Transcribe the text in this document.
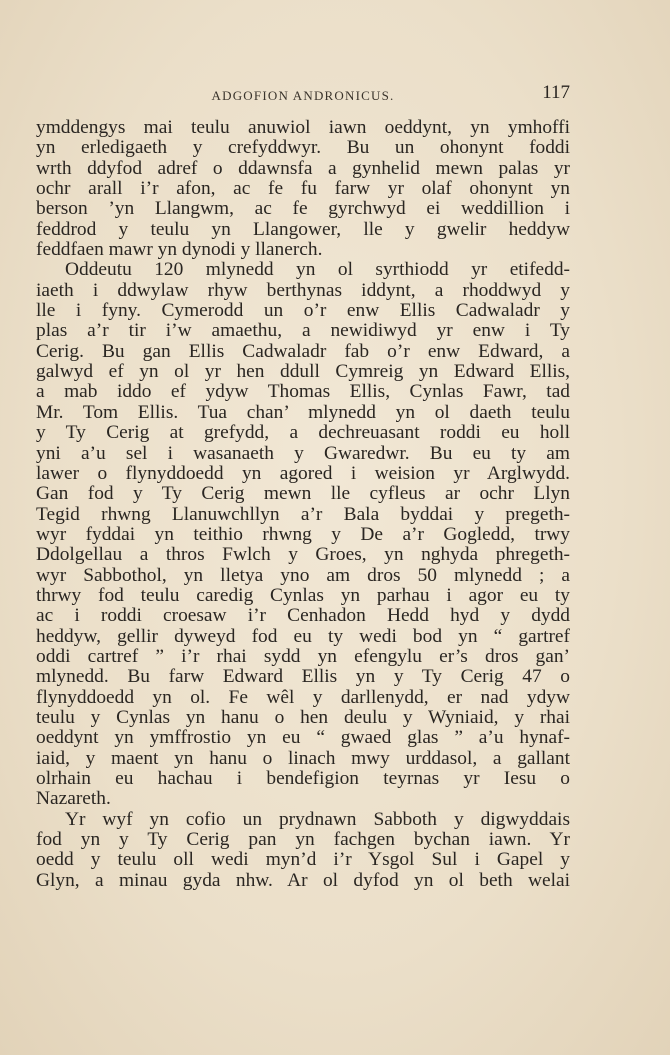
ADGOFION ANDRONICUS.	117
ymddengys mai teulu anuwiol iawn oeddynt, yn ymhoffi
yn erledigaeth y crefyddwyr. Bu un ohonynt foddi
wrth ddyfod adref o ddawnsfa a gynhelid mewn palas yr
ochr arall i’r afon, ac fe fu farw yr olaf ohonynt yn
berson ’yn Llangwm, ac fe gyrchwyd ei weddillion i
feddrod y teulu yn Llangower, lle y gwelir heddyw
feddfaen mawr yn dynodi y llanerch.
Oddeutu 120 mlynedd yn ol syrthiodd yr etifedd-
iaeth i ddwylaw rhyw berthynas iddynt, a rhoddwyd y
lle i fyny. Cymerodd un o’r enw Ellis Cadwaladr y
plas a’r tir i’w amaethu, a newidiwyd yr enw i Ty
Cerig. Bu gan Ellis Cadwaladr fab o’r enw Edward, a
galwyd ef yn ol yr hen ddull Cymreig yn Edward Ellis,
a mab iddo ef ydyw Thomas Ellis, Cynlas Fawr, tad
Mr. Tom Ellis. Tua chan’ mlynedd yn ol daeth teulu
y Ty Cerig at grefydd, a dechreuasant roddi eu holl
yni a’u sel i wasanaeth y Gwaredwr. Bu eu ty am
lawer o flynyddoedd yn agored i weision yr Arglwydd.
Gan fod y Ty Cerig mewn lle cyfleus ar ochr Llyn
Tegid rhwng Llanuwchllyn a’r Bala byddai y pregeth-
wyr fyddai yn teithio rhwng y De a’r Gogledd, trwy
Ddolgellau a thros Fwlch y Groes, yn nghyda phregeth-
wyr Sabbothol, yn lletya yno am dros 50 mlynedd ; a
thrwy fod teulu caredig Cynlas yn parhau i agor eu ty
ac i roddi croesaw i’r Cenhadon Hedd hyd y dydd
heddyw, gellir dyweyd fod eu ty wedi bod yn “ gartref
oddi cartref ” i’r rhai sydd yn efengylu er’s dros gan’
mlynedd. Bu farw Edward Ellis yn y Ty Cerig 47 o
flynyddoedd yn ol. Fe wêl y darllenydd, er nad ydyw
teulu y Cynlas yn hanu o hen deulu y Wyniaid, y rhai
oeddynt yn ymffrostio yn eu “ gwaed glas ” a’u hynaf-
iaid, y maent yn hanu o linach mwy urddasol, a gallant
olrhain eu hachau i bendefigion teyrnas yr Iesu o
Nazareth.
Yr wyf yn cofio un prydnawn Sabboth y digwyddais
fod yn y Ty Cerig pan yn fachgen bychan iawn. Yr
oedd y teulu oll wedi myn’d i’r Ysgol Sul i Gapel y
Glyn, a minau gyda nhw. Ar ol dyfod yn ol beth welai
